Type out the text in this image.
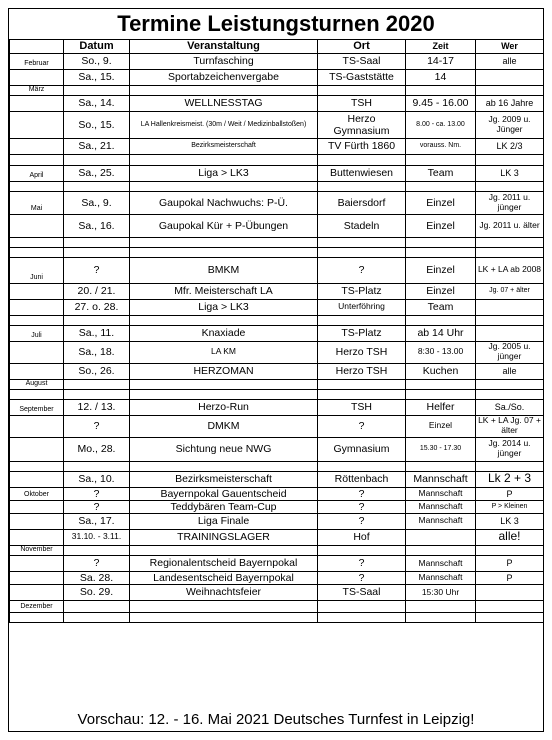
Termine Leistungsturnen 2020
	Datum	Veranstaltung	Ort	Zeit	Wer
Februar	So., 9.	Turnfasching	TS-Saal	14-17	alle
	Sa., 15.	Sportabzeichenvergabe	TS-Gaststätte	14	
März					
	Sa., 14.	WELLNESSTAG	TSH	9.45 - 16.00	ab 16 Jahre
	So., 15.	LA Hallenkreismeist. (30m / Weit / Medizinballstoßen)	Herzo Gymnasium	8.00 - ca. 13.00	Jg. 2009 u. Jünger
	Sa., 21.	Bezirksmeisterschaft	TV Fürth 1860	vorauss. Nm.	LK 2/3

April	Sa., 25.	Liga > LK3	Buttenwiesen	Team	LK 3

Mai	Sa., 9.	Gaupokal Nachwuchs: P-Ü.	Baiersdorf	Einzel	Jg. 2011 u. jünger
	Sa., 16.	Gaupokal Kür + P-Übungen	Stadeln	Einzel	Jg. 2011 u. älter

Juni	?	BMKM	?	Einzel	LK + LA ab 2008
	20. / 21.	Mfr. Meisterschaft LA	TS-Platz	Einzel	Jg. 07 + älter
	27. o. 28.	Liga > LK3	Unterföhring	Team	

Juli	Sa., 11.	Knaxiade	TS-Platz	ab 14 Uhr	
	Sa., 18.	LA KM	Herzo TSH	8:30 - 13.00	Jg. 2005 u. jünger
	So., 26.	HERZOMAN	Herzo TSH	Kuchen	alle
August					

September	12. / 13.	Herzo-Run	TSH	Helfer	Sa./So.
	?	DMKM	?	Einzel	LK + LA Jg. 07 + älter
	Mo., 28.	Sichtung neue NWG	Gymnasium	15.30 - 17.30	Jg. 2014 u. jünger

	Sa., 10.	Bezirksmeisterschaft	Röttenbach	Mannschaft	Lk 2 + 3
Oktober	?	Bayernpokal Gauentscheid	?	Mannschaft	P
	?	Teddybären Team-Cup	?	Mannschaft	P > Kleinen
	Sa., 17.	Liga Finale	?	Mannschaft	LK 3
	31.10. - 3.11.	TRAININGSLAGER	Hof		alle!
November					
	?	Regionalentscheid Bayernpokal	?	Mannschaft	P
	Sa. 28.	Landesentscheid Bayernpokal	?	Mannschaft	P
	So. 29.	Weihnachtsfeier	TS-Saal	15:30 Uhr	
Dezember					

Vorschau: 12. - 16. Mai 2021 Deutsches Turnfest in Leipzig!
